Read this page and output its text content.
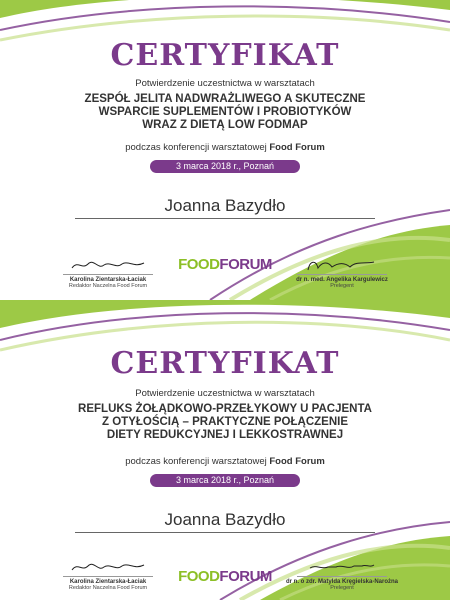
CERTYFIKAT
Potwierdzenie uczestnictwa w warsztatach
ZESPÓŁ JELITA NADWRAŻLIWEGO A SKUTECZNE
WSPARCIE SUPLEMENTÓW I PROBIOTYKÓW
WRAZ Z DIETĄ LOW FODMAP
podczas konferencji warsztatowej Food Forum
3 marca 2018 r., Poznań
Joanna Bazydło
Karolina Zientarska-Łaciak
Redaktor Naczelna Food Forum
FOODFORUM
dr n. med. Angelika Kargulewicz
Prelegent
CERTYFIKAT
Potwierdzenie uczestnictwa w warsztatach
REFLUKS ŻOŁĄDKOWO-PRZEŁYKOWY U PACJENTA
Z OTYŁOŚCIĄ – PRAKTYCZNE POŁĄCZENIE
DIETY REDUKCYJNEJ I LEKKOSTRAWNEJ
podczas konferencji warsztatowej Food Forum
3 marca 2018 r., Poznań
Joanna Bazydło
Karolina Zientarska-Łaciak
Redaktor Naczelna Food Forum
FOODFORUM	dr n. o zdr. Matylda Kręgielska-Narożna
Prelegent
